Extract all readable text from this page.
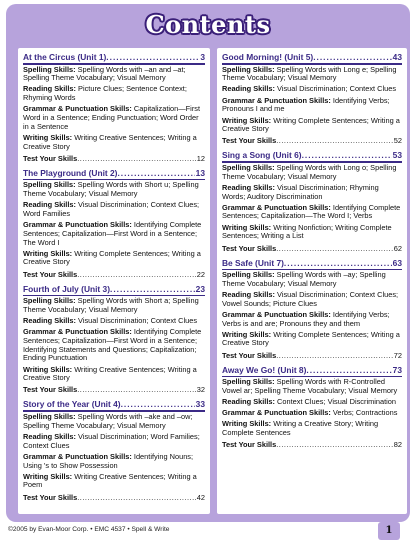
Contents
At the Circus (Unit 1) .....	3
Spelling Skills: Spelling Words with –an and –at; Spelling Theme Vocabulary; Visual Memory
Reading Skills: Picture Clues; Sentence Context; Rhyming Words
Grammar & Punctuation Skills: Capitalization—First Word in a Sentence; Ending Punctuation; Word Order in a Sentence
Writing Skills: Writing Creative Sentences; Writing a Creative Story
Test Your Skills .....	12
The Playground (Unit 2) .....	13
Spelling Skills: Spelling Words with Short u; Spelling Theme Vocabulary; Visual Memory
Reading Skills: Visual Discrimination; Context Clues; Word Families
Grammar & Punctuation Skills: Identifying Complete Sentences; Capitalization—First Word in a Sentence; The Word I
Writing Skills: Writing Complete Sentences; Writing a Creative Story
Test Your Skills .....	22
Fourth of July (Unit 3) .....	23
Spelling Skills: Spelling Words with Short a; Spelling Theme Vocabulary; Visual Memory
Reading Skills: Visual Discrimination; Context Clues
Grammar & Punctuation Skills: Identifying Complete Sentences; Capitalization—First Word in a Sentence; Identifying Statements and Questions; Capitalization; Ending Punctuation
Writing Skills: Writing Creative Sentences; Writing a Creative Story
Test Your Skills .....	32
Story of the Year (Unit 4) .....	33
Spelling Skills: Spelling Words with –ake and –ow; Spelling Theme Vocabulary; Visual Memory
Reading Skills: Visual Discrimination; Word Families; Context Clues
Grammar & Punctuation Skills: Identifying Nouns; Using 's to Show Possession
Writing Skills: Writing Creative Sentences; Writing a Poem
Test Your Skills .....	42
Good Morning! (Unit 5) .....	43
Spelling Skills: Spelling Words with Long e; Spelling Theme Vocabulary; Visual Memory
Reading Skills: Visual Discrimination; Context Clues
Grammar & Punctuation Skills: Identifying Verbs; Pronouns I and me
Writing Skills: Writing Complete Sentences; Writing a Creative Story
Test Your Skills .....	52
Sing a Song (Unit 6) .....	53
Spelling Skills: Spelling Words with Long o; Spelling Theme Vocabulary; Visual Memory
Reading Skills: Visual Discrimination; Rhyming Words; Auditory Discrimination
Grammar & Punctuation Skills: Identifying Complete Sentences; Capitalization—The Word I; Verbs
Writing Skills: Writing Nonfiction; Writing Complete Sentences; Writing a List
Test Your Skills .....	62
Be Safe (Unit 7) .....	63
Spelling Skills: Spelling Words with –ay; Spelling Theme Vocabulary; Visual Memory
Reading Skills: Visual Discrimination; Context Clues; Vowel Sounds; Picture Clues
Grammar & Punctuation Skills: Identifying Verbs; Verbs is and are; Pronouns they and them
Writing Skills: Writing Complete Sentences; Writing a Creative Story
Test Your Skills .....	72
Away We Go! (Unit 8) .....	73
Spelling Skills: Spelling Words with R-Controlled Vowel ar; Spelling Theme Vocabulary; Visual Memory
Reading Skills: Context Clues; Visual Discrimination
Grammar & Punctuation Skills: Verbs; Contractions
Writing Skills: Writing a Creative Story; Writing Complete Sentences
Test Your Skills .....	82
©2005 by Evan-Moor Corp. • EMC 4537 • Spell & Write	1
